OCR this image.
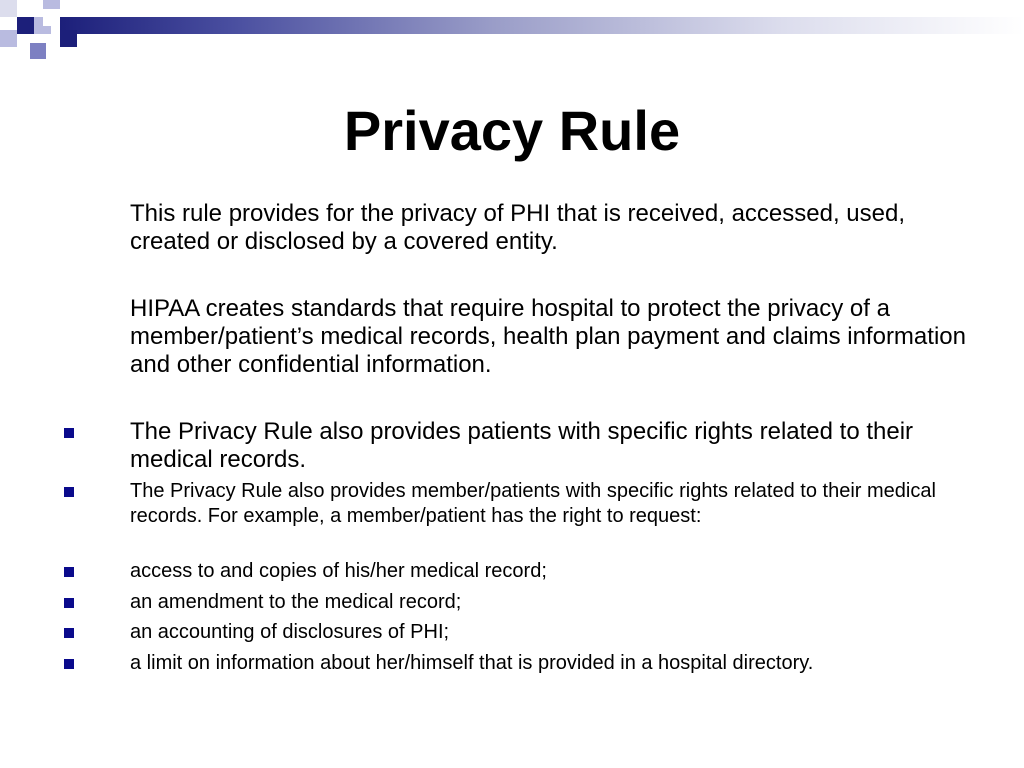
Privacy Rule

This rule provides for the privacy of PHI that is received, accessed, used, created or disclosed by a covered entity.

HIPAA creates standards that require hospital to protect the privacy of a member/patient’s medical records, health plan payment and claims information and other confidential information.

The Privacy Rule also provides patients with specific rights related to their medical records.

The Privacy Rule also provides member/patients with specific rights related to their medical records. For example, a member/patient has the right to request:

access to and copies of his/her medical record;

an amendment to the medical record;

an accounting of disclosures of PHI;

a limit on information about her/himself that is provided in a hospital directory.
